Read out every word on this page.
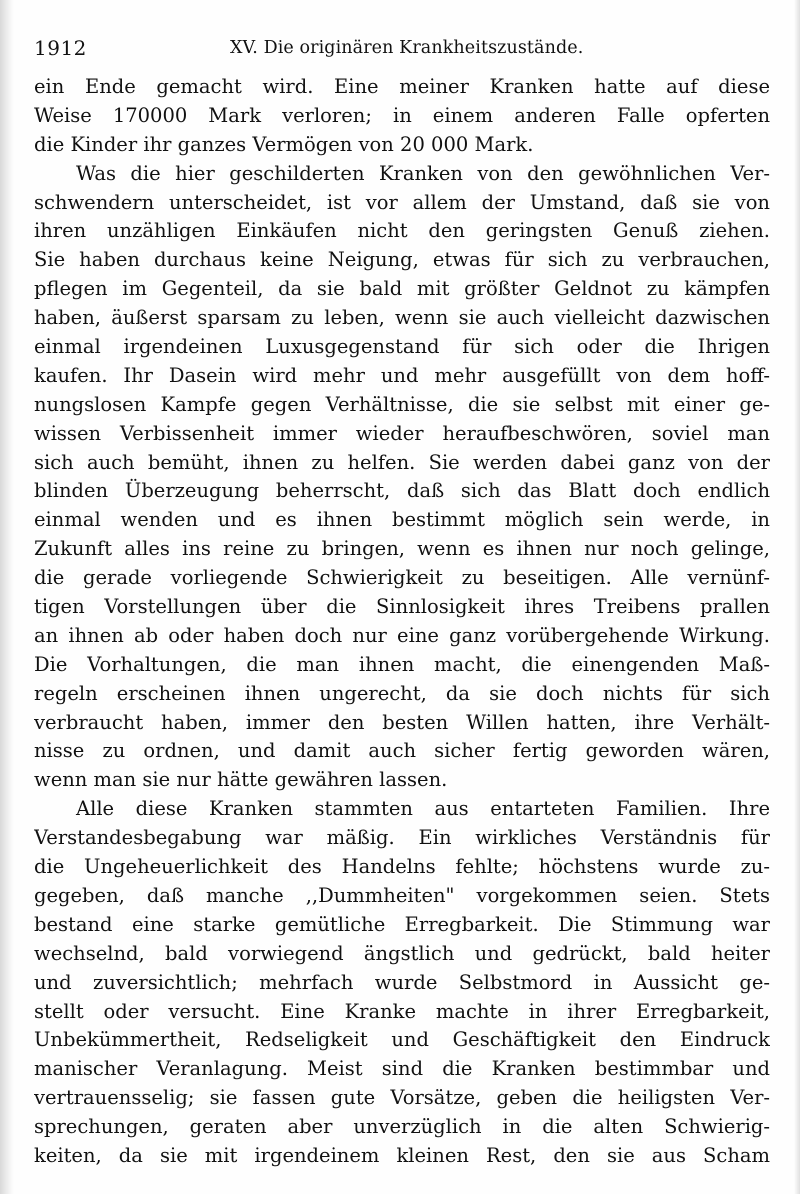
1912	XV. Die originären Krankheitszustände.
ein Ende gemacht wird. Eine meiner Kranken hatte auf diese
Weise 170000 Mark verloren; in einem anderen Falle opferten
die Kinder ihr ganzes Vermögen von 20 000 Mark.
Was die hier geschilderten Kranken von den gewöhnlichen Ver-
schwendern unterscheidet, ist vor allem der Umstand, daß sie von
ihren unzähligen Einkäufen nicht den geringsten Genuß ziehen.
Sie haben durchaus keine Neigung, etwas für sich zu verbrauchen,
pflegen im Gegenteil, da sie bald mit größter Geldnot zu kämpfen
haben, äußerst sparsam zu leben, wenn sie auch vielleicht dazwischen
einmal irgendeinen Luxusgegenstand für sich oder die Ihrigen
kaufen. Ihr Dasein wird mehr und mehr ausgefüllt von dem hoff-
nungslosen Kampfe gegen Verhältnisse, die sie selbst mit einer ge-
wissen Verbissenheit immer wieder heraufbeschwören, soviel man
sich auch bemüht, ihnen zu helfen. Sie werden dabei ganz von der
blinden Überzeugung beherrscht, daß sich das Blatt doch endlich
einmal wenden und es ihnen bestimmt möglich sein werde, in
Zukunft alles ins reine zu bringen, wenn es ihnen nur noch gelinge,
die gerade vorliegende Schwierigkeit zu beseitigen. Alle vernünf-
tigen Vorstellungen über die Sinnlosigkeit ihres Treibens prallen
an ihnen ab oder haben doch nur eine ganz vorübergehende Wirkung.
Die Vorhaltungen, die man ihnen macht, die einengenden Maß-
regeln erscheinen ihnen ungerecht, da sie doch nichts für sich
verbraucht haben, immer den besten Willen hatten, ihre Verhält-
nisse zu ordnen, und damit auch sicher fertig geworden wären,
wenn man sie nur hätte gewähren lassen.
Alle diese Kranken stammten aus entarteten Familien. Ihre
Verstandesbegabung war mäßig. Ein wirkliches Verständnis für
die Ungeheuerlichkeit des Handelns fehlte; höchstens wurde zu-
gegeben, daß manche ,,Dummheiten" vorgekommen seien. Stets
bestand eine starke gemütliche Erregbarkeit. Die Stimmung war
wechselnd, bald vorwiegend ängstlich und gedrückt, bald heiter
und zuversichtlich; mehrfach wurde Selbstmord in Aussicht ge-
stellt oder versucht. Eine Kranke machte in ihrer Erregbarkeit,
Unbekümmertheit, Redseligkeit und Geschäftigkeit den Eindruck
manischer Veranlagung. Meist sind die Kranken bestimmbar und
vertrauensselig; sie fassen gute Vorsätze, geben die heiligsten Ver-
sprechungen, geraten aber unverzüglich in die alten Schwierig-
keiten, da sie mit irgendeinem kleinen Rest, den sie aus Scham
